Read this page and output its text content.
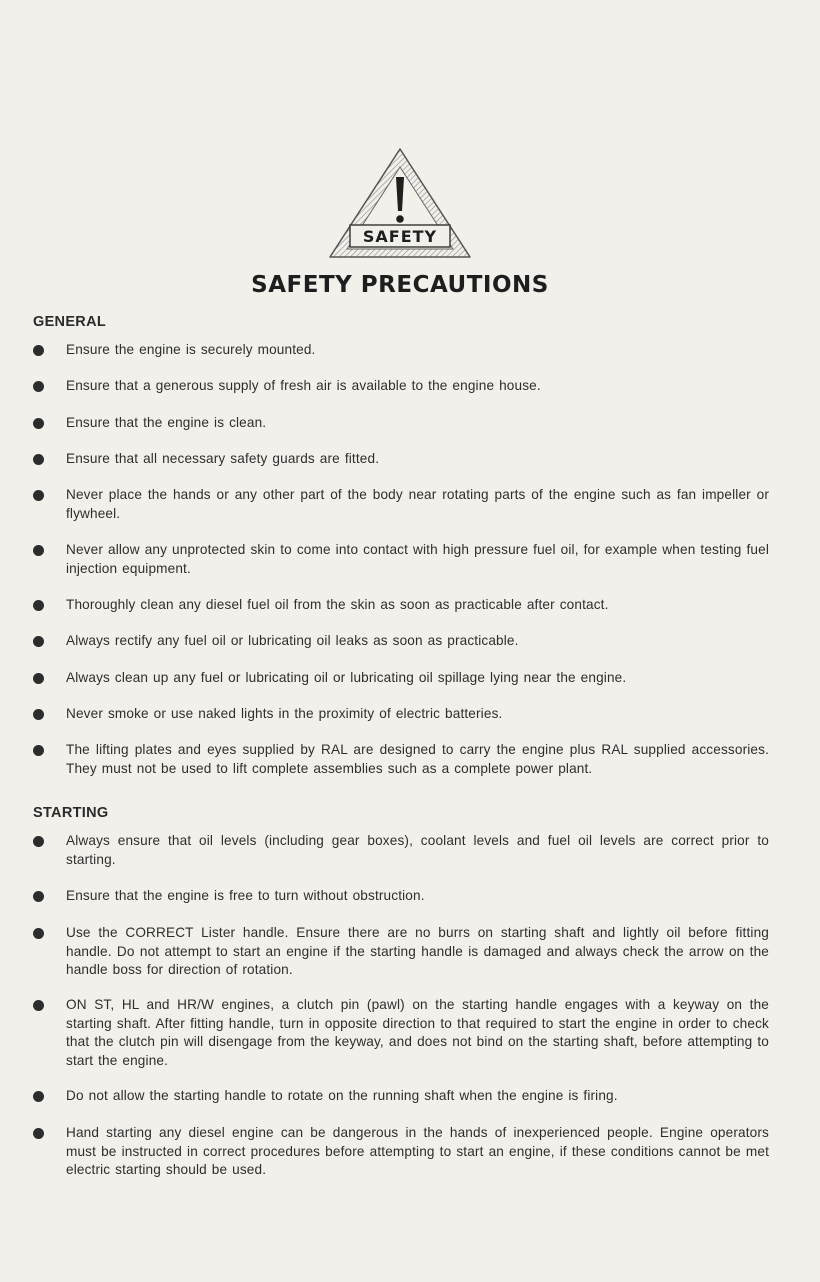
SAFETY
SAFETY PRECAUTIONS
GENERAL
Ensure the engine is securely mounted.
Ensure that a generous supply of fresh air is available to the engine house.
Ensure that the engine is clean.
Ensure that all necessary safety guards are fitted.
Never place the hands or any other part of the body near rotating parts of the engine such as fan impeller or flywheel.
Never allow any unprotected skin to come into contact with high pressure fuel oil, for example when testing fuel injection equipment.
Thoroughly clean any diesel fuel oil from the skin as soon as practicable after contact.
Always rectify any fuel oil or lubricating oil leaks as soon as practicable.
Always clean up any fuel or lubricating oil or lubricating oil spillage lying near the engine.
Never smoke or use naked lights in the proximity of electric batteries.
The lifting plates and eyes supplied by RAL are designed to carry the engine plus RAL supplied accessories. They must not be used to lift complete assemblies such as a complete power plant.
STARTING
Always ensure that oil levels (including gear boxes), coolant levels and fuel oil levels are correct prior to starting.
Ensure that the engine is free to turn without obstruction.
Use the CORRECT Lister handle. Ensure there are no burrs on starting shaft and lightly oil before fitting handle. Do not attempt to start an engine if the starting handle is damaged and always check the arrow on the handle boss for direction of rotation.
ON ST, HL and HR/W engines, a clutch pin (pawl) on the starting handle engages with a keyway on the starting shaft. After fitting handle, turn in opposite direction to that required to start the engine in order to check that the clutch pin will disengage from the keyway, and does not bind on the starting shaft, before attempting to start the engine.
Do not allow the starting handle to rotate on the running shaft when the engine is firing.
Hand starting any diesel engine can be dangerous in the hands of inexperienced people. Engine operators must be instructed in correct procedures before attempting to start an engine, if these conditions cannot be met electric starting should be used.
